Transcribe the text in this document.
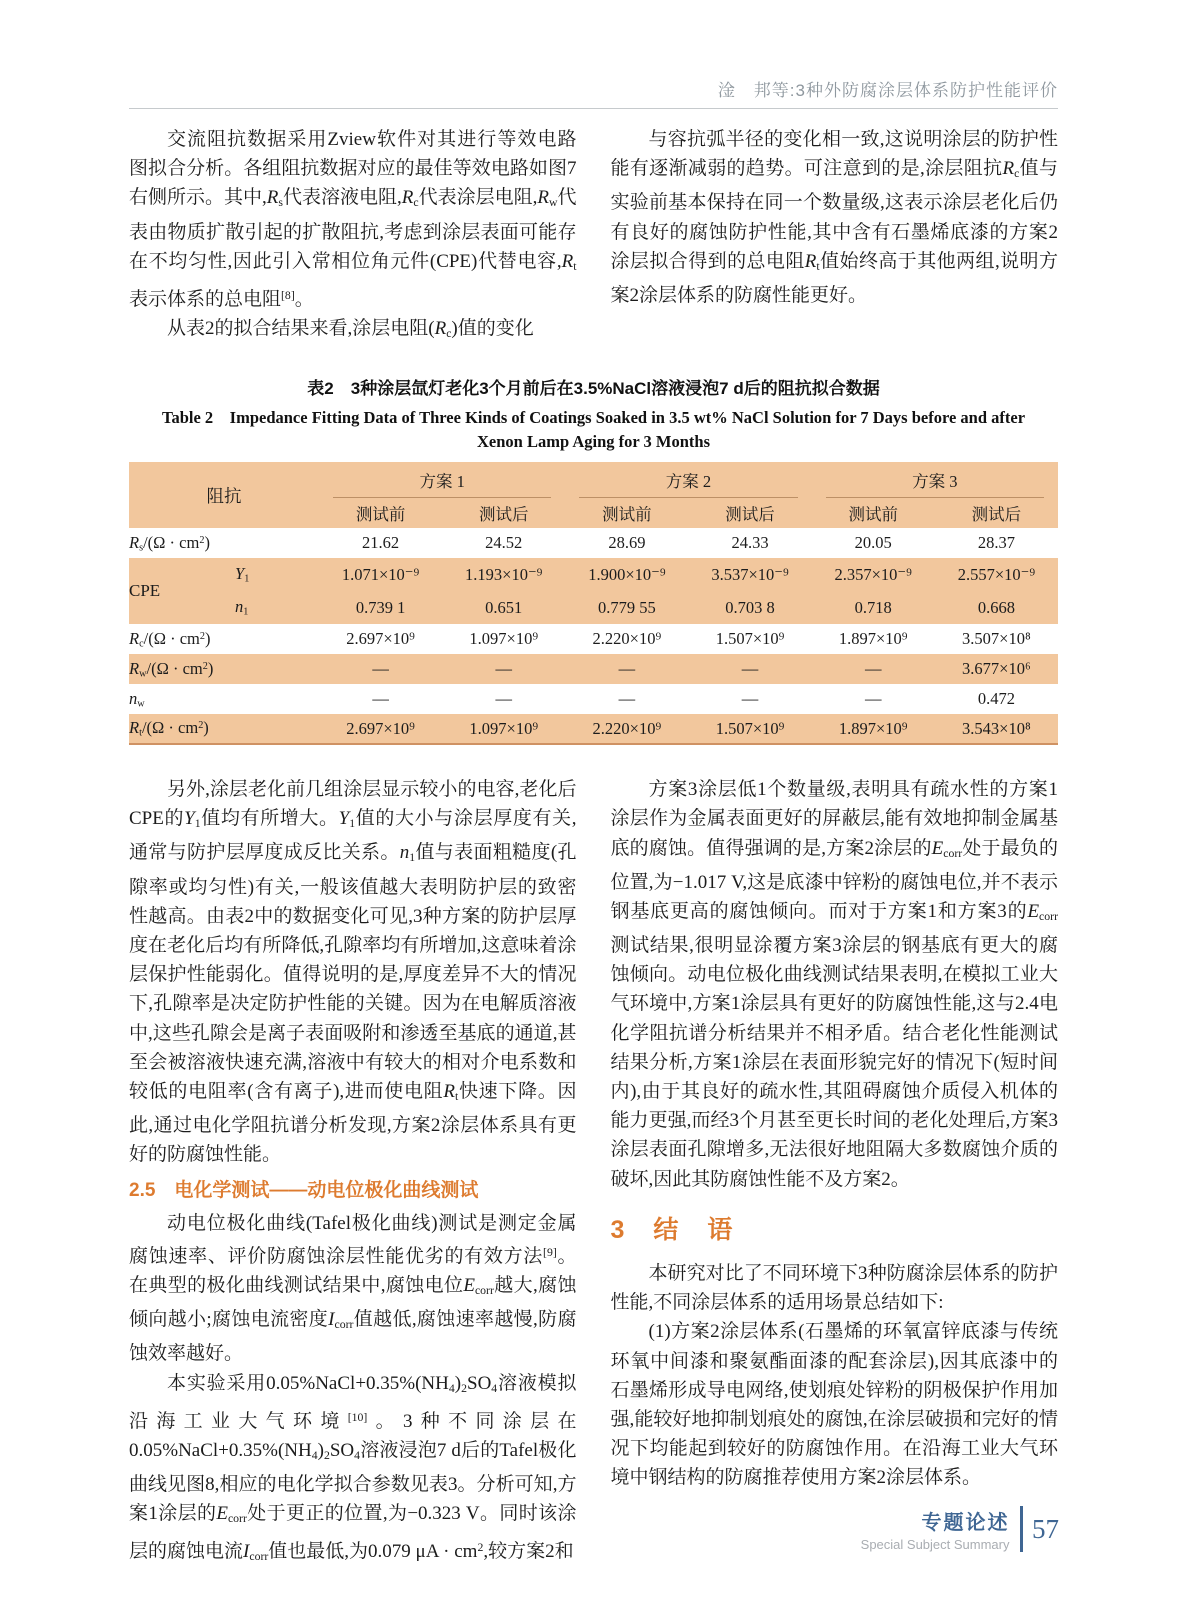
淦　邦等:3种外防腐涂层体系防护性能评价

交流阻抗数据采用Zview软件对其进行等效电路图拟合分析。各组阻抗数据对应的最佳等效电路如图7右侧所示。其中$,R_s$代表溶液电阻$,R_c$代表涂层电阻$,R_w$代表由物质扩散引起的扩散阻抗,考虑到涂层表面可能存在不均匀性,因此引入常相位角元件(CPE)代替电容$,R_t$表示体系的总电阻[8]。

从表2的拟合结果来看,涂层电阻$(R_c)$值的变化

与容抗弧半径的变化相一致,这说明涂层的防护性能有逐渐减弱的趋势。可注意到的是,涂层阻抗$R_c$值与实验前基本保持在同一个数量级,这表示涂层老化后仍有良好的腐蚀防护性能,其中含有石墨烯底漆的方案2涂层拟合得到的总电阻$R_t$值始终高于其他两组,说明方案2涂层体系的防腐性能更好。

表2　3种涂层氙灯老化3个月前后在3.5%NaCl溶液浸泡7 d后的阻抗拟合数据
Table 2　Impedance Fitting Data of Three Kinds of Coatings Soaked in 3.5 wt% NaCl Solution for 7 Days before and after
Xenon Lamp Aging for 3 Months
阻抗		方案 1		方案 2		方案 3	

		测试前	测试后	测试前	测试后	测试前	测试后
$R_s/(\Omega \cdot cm^2)$		21.62	24.52	28.69	24.33	20.05	28.37
CPE	$Y_1$	1.071×10⁻⁹	1.193×10⁻⁹	1.900×10⁻⁹	3.537×10⁻⁹	2.357×10⁻⁹	2.557×10⁻⁹
	$n_1$	0.739 1	0.651	0.779 55	0.703 8	0.718	0.668
$R_c/(\Omega \cdot cm^2)$		2.697×10⁹	1.097×10⁹	2.220×10⁹	1.507×10⁹	1.897×10⁹	3.507×10⁸
$R_w/(\Omega \cdot cm^2)$		—	—	—	—	—	3.677×10⁶
$n_w$		—	—	—	—	—	0.472
$R_t/(\Omega \cdot cm^2)$		2.697×10⁹	1.097×10⁹	2.220×10⁹	1.507×10⁹	1.897×10⁹	3.543×10⁸

另外,涂层老化前几组涂层显示较小的电容,老化后CPE的$Y_1$值均有所增大。$Y_1$值的大小与涂层厚度有关,通常与防护层厚度成反比关系。$n_1$值与表面粗糙度(孔隙率或均匀性)有关,一般该值越大表明防护层的致密性越高。由表2中的数据变化可见,3种方案的防护层厚度在老化后均有所降低,孔隙率均有所增加,这意味着涂层保护性能弱化。值得说明的是,厚度差异不大的情况下,孔隙率是决定防护性能的关键。因为在电解质溶液中,这些孔隙会是离子表面吸附和渗透至基底的通道,甚至会被溶液快速充满,溶液中有较大的相对介电系数和较低的电阻率(含有离子),进而使电阻$R_t$快速下降。因此,通过电化学阻抗谱分析发现,方案2涂层体系具有更好的防腐蚀性能。

2.5　电化学测试——动电位极化曲线测试

动电位极化曲线(Tafel极化曲线)测试是测定金属腐蚀速率、评价防腐蚀涂层性能优劣的有效方法[9]。在典型的极化曲线测试结果中,腐蚀电位$E_{corr}$越大,腐蚀倾向越小;腐蚀电流密度$I_{corr}$值越低,腐蚀速率越慢,防腐蚀效率越好。

本实验采用$0.05\%NaCl+0.35\%(NH_4)_2SO_4$溶液模拟沿海工业大气环境[10]。3种不同涂层在$0.05\%NaCl+0.35\%(NH_4)_2SO_4$溶液浸泡7 d后的Tafel极化曲线见图8,相应的电化学拟合参数见表3。分析可知,方案1涂层的$E_{corr}$处于更正的位置,为−0.323 V。同时该涂层的腐蚀电流$I_{corr}$值也最低,为0.079 $\mu A \cdot cm^2$,较方案2和

方案3涂层低1个数量级,表明具有疏水性的方案1涂层作为金属表面更好的屏蔽层,能有效地抑制金属基底的腐蚀。值得强调的是,方案2涂层的$E_{corr}$处于最负的位置,为−1.017 V,这是底漆中锌粉的腐蚀电位,并不表示钢基底更高的腐蚀倾向。而对于方案1和方案3的$E_{corr}$测试结果,很明显涂覆方案3涂层的钢基底有更大的腐蚀倾向。动电位极化曲线测试结果表明,在模拟工业大气环境中,方案1涂层具有更好的防腐蚀性能,这与2.4电化学阻抗谱分析结果并不相矛盾。结合老化性能测试结果分析,方案1涂层在表面形貌完好的情况下(短时间内),由于其良好的疏水性,其阻碍腐蚀介质侵入机体的能力更强,而经3个月甚至更长时间的老化处理后,方案3涂层表面孔隙增多,无法很好地阻隔大多数腐蚀介质的破坏,因此其防腐蚀性能不及方案2。

3　结　语

本研究对比了不同环境下3种防腐涂层体系的防护性能,不同涂层体系的适用场景总结如下:

(1)方案2涂层体系(石墨烯的环氧富锌底漆与传统环氧中间漆和聚氨酯面漆的配套涂层),因其底漆中的石墨烯形成导电网络,使划痕处锌粉的阴极保护作用加强,能较好地抑制划痕处的腐蚀,在涂层破损和完好的情况下均能起到较好的防腐蚀作用。在沿海工业大气环境中钢结构的防腐推荐使用方案2涂层体系。

专题论述
Special Subject Summary
57
